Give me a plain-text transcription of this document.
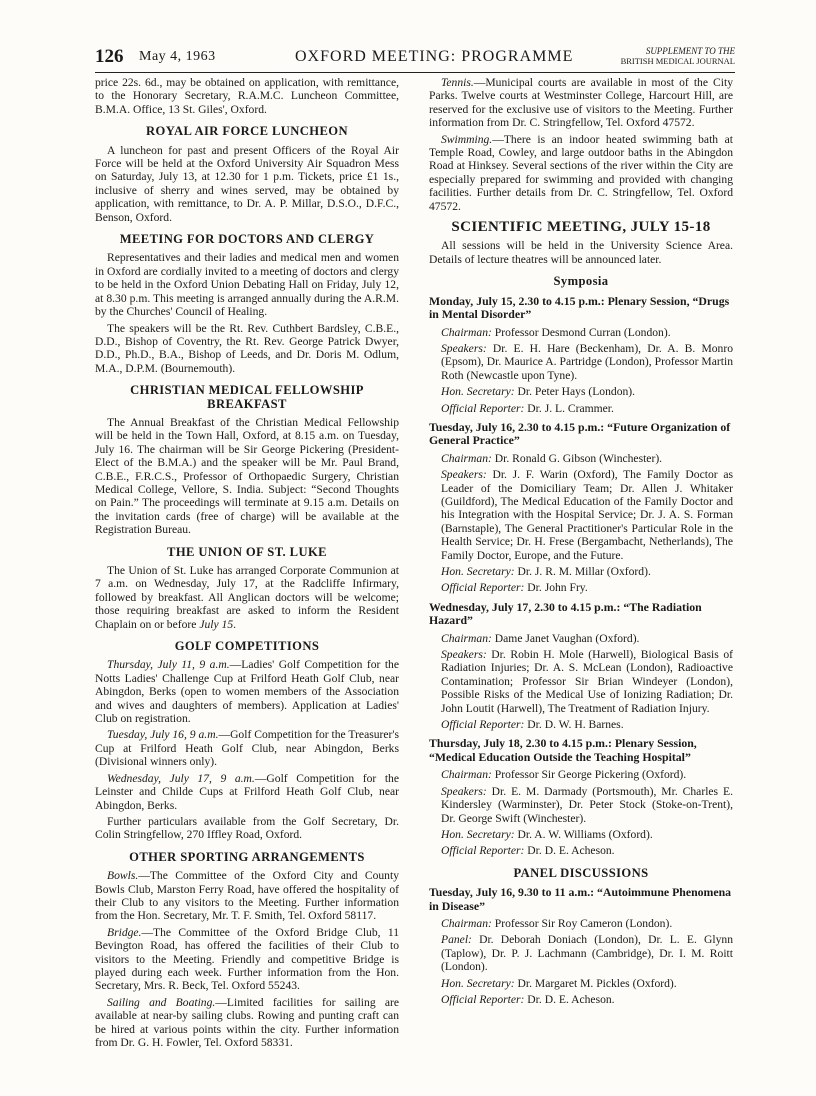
126 May 4, 1963	OXFORD MEETING: PROGRAMME	SUPPLEMENT TO THE
BRITISH MEDICAL JOURNAL

price 22s. 6d., may be obtained on application, with remittance, to the Honorary Secretary, R.A.M.C. Luncheon Committee, B.M.A. Office, 13 St. Giles', Oxford.

ROYAL AIR FORCE LUNCHEON

A luncheon for past and present Officers of the Royal Air Force will be held at the Oxford University Air Squadron Mess on Saturday, July 13, at 12.30 for 1 p.m. Tickets, price £1 1s., inclusive of sherry and wines served, may be obtained by application, with remittance, to Dr. A. P. Millar, D.S.O., D.F.C., Benson, Oxford.

MEETING FOR DOCTORS AND CLERGY

Representatives and their ladies and medical men and women in Oxford are cordially invited to a meeting of doctors and clergy to be held in the Oxford Union Debating Hall on Friday, July 12, at 8.30 p.m. This meeting is arranged annually during the A.R.M. by the Churches' Council of Healing.

The speakers will be the Rt. Rev. Cuthbert Bardsley, C.B.E., D.D., Bishop of Coventry, the Rt. Rev. George Patrick Dwyer, D.D., Ph.D., B.A., Bishop of Leeds, and Dr. Doris M. Odlum, M.A., D.P.M. (Bournemouth).

CHRISTIAN MEDICAL FELLOWSHIP BREAKFAST

The Annual Breakfast of the Christian Medical Fellowship will be held in the Town Hall, Oxford, at 8.15 a.m. on Tuesday, July 16. The chairman will be Sir George Pickering (President-Elect of the B.M.A.) and the speaker will be Mr. Paul Brand, C.B.E., F.R.C.S., Professor of Orthopaedic Surgery, Christian Medical College, Vellore, S. India. Subject: “Second Thoughts on Pain.” The proceedings will terminate at 9.15 a.m. Details on the invitation cards (free of charge) will be available at the Registration Bureau.

THE UNION OF ST. LUKE

The Union of St. Luke has arranged Corporate Communion at 7 a.m. on Wednesday, July 17, at the Radcliffe Infirmary, followed by breakfast. All Anglican doctors will be welcome; those requiring breakfast are asked to inform the Resident Chaplain on or before July 15.

GOLF COMPETITIONS

Thursday, July 11, 9 a.m.—Ladies' Golf Competition for the Notts Ladies' Challenge Cup at Frilford Heath Golf Club, near Abingdon, Berks (open to women members of the Association and wives and daughters of members). Application at Ladies' Club on registration.

Tuesday, July 16, 9 a.m.—Golf Competition for the Treasurer's Cup at Frilford Heath Golf Club, near Abingdon, Berks (Divisional winners only).

Wednesday, July 17, 9 a.m.—Golf Competition for the Leinster and Childe Cups at Frilford Heath Golf Club, near Abingdon, Berks.

Further particulars available from the Golf Secretary, Dr. Colin Stringfellow, 270 Iffley Road, Oxford.

OTHER SPORTING ARRANGEMENTS

Bowls.—The Committee of the Oxford City and County Bowls Club, Marston Ferry Road, have offered the hospitality of their Club to any visitors to the Meeting. Further information from the Hon. Secretary, Mr. T. F. Smith, Tel. Oxford 58117.

Bridge.—The Committee of the Oxford Bridge Club, 11 Bevington Road, has offered the facilities of their Club to visitors to the Meeting. Friendly and competitive Bridge is played during each week. Further information from the Hon. Secretary, Mrs. R. Beck, Tel. Oxford 55243.

Sailing and Boating.—Limited facilities for sailing are available at near-by sailing clubs. Rowing and punting craft can be hired at various points within the city. Further information from Dr. G. H. Fowler, Tel. Oxford 58331.

Tennis.—Municipal courts are available in most of the City Parks. Twelve courts at Westminster College, Harcourt Hill, are reserved for the exclusive use of visitors to the Meeting. Further information from Dr. C. Stringfellow, Tel. Oxford 47572.

Swimming.—There is an indoor heated swimming bath at Temple Road, Cowley, and large outdoor baths in the Abingdon Road at Hinksey. Several sections of the river within the City are especially prepared for swimming and provided with changing facilities. Further details from Dr. C. Stringfellow, Tel. Oxford 47572.

SCIENTIFIC MEETING, JULY 15-18

All sessions will be held in the University Science Area. Details of lecture theatres will be announced later.

Symposia
Monday, July 15, 2.30 to 4.15 p.m.: Plenary Session, “Drugs in Mental Disorder”

Chairman: Professor Desmond Curran (London).

Speakers: Dr. E. H. Hare (Beckenham), Dr. A. B. Monro (Epsom), Dr. Maurice A. Partridge (London), Professor Martin Roth (Newcastle upon Tyne).

Hon. Secretary: Dr. Peter Hays (London).

Official Reporter: Dr. J. L. Crammer.

Tuesday, July 16, 2.30 to 4.15 p.m.: “Future Organization of General Practice”

Chairman: Dr. Ronald G. Gibson (Winchester).

Speakers: Dr. J. F. Warin (Oxford), The Family Doctor as Leader of the Domiciliary Team; Dr. Allen J. Whitaker (Guildford), The Medical Education of the Family Doctor and his Integration with the Hospital Service; Dr. J. A. S. Forman (Barnstaple), The General Practitioner's Particular Role in the Health Service; Dr. H. Frese (Bergambacht, Netherlands), The Family Doctor, Europe, and the Future.

Hon. Secretary: Dr. J. R. M. Millar (Oxford).

Official Reporter: Dr. John Fry.

Wednesday, July 17, 2.30 to 4.15 p.m.: “The Radiation Hazard”

Chairman: Dame Janet Vaughan (Oxford).

Speakers: Dr. Robin H. Mole (Harwell), Biological Basis of Radiation Injuries; Dr. A. S. McLean (London), Radioactive Contamination; Professor Sir Brian Windeyer (London), Possible Risks of the Medical Use of Ionizing Radiation; Dr. John Loutit (Harwell), The Treatment of Radiation Injury.

Official Reporter: Dr. D. W. H. Barnes.

Thursday, July 18, 2.30 to 4.15 p.m.: Plenary Session, “Medical Education Outside the Teaching Hospital”

Chairman: Professor Sir George Pickering (Oxford).

Speakers: Dr. E. M. Darmady (Portsmouth), Mr. Charles E. Kindersley (Warminster), Dr. Peter Stock (Stoke-on-Trent), Dr. George Swift (Winchester).

Hon. Secretary: Dr. A. W. Williams (Oxford).

Official Reporter: Dr. D. E. Acheson.

PANEL DISCUSSIONS
Tuesday, July 16, 9.30 to 11 a.m.: “Autoimmune Phenomena in Disease”

Chairman: Professor Sir Roy Cameron (London).

Panel: Dr. Deborah Doniach (London), Dr. L. E. Glynn (Taplow), Dr. P. J. Lachmann (Cambridge), Dr. I. M. Roitt (London).

Hon. Secretary: Dr. Margaret M. Pickles (Oxford).

Official Reporter: Dr. D. E. Acheson.
